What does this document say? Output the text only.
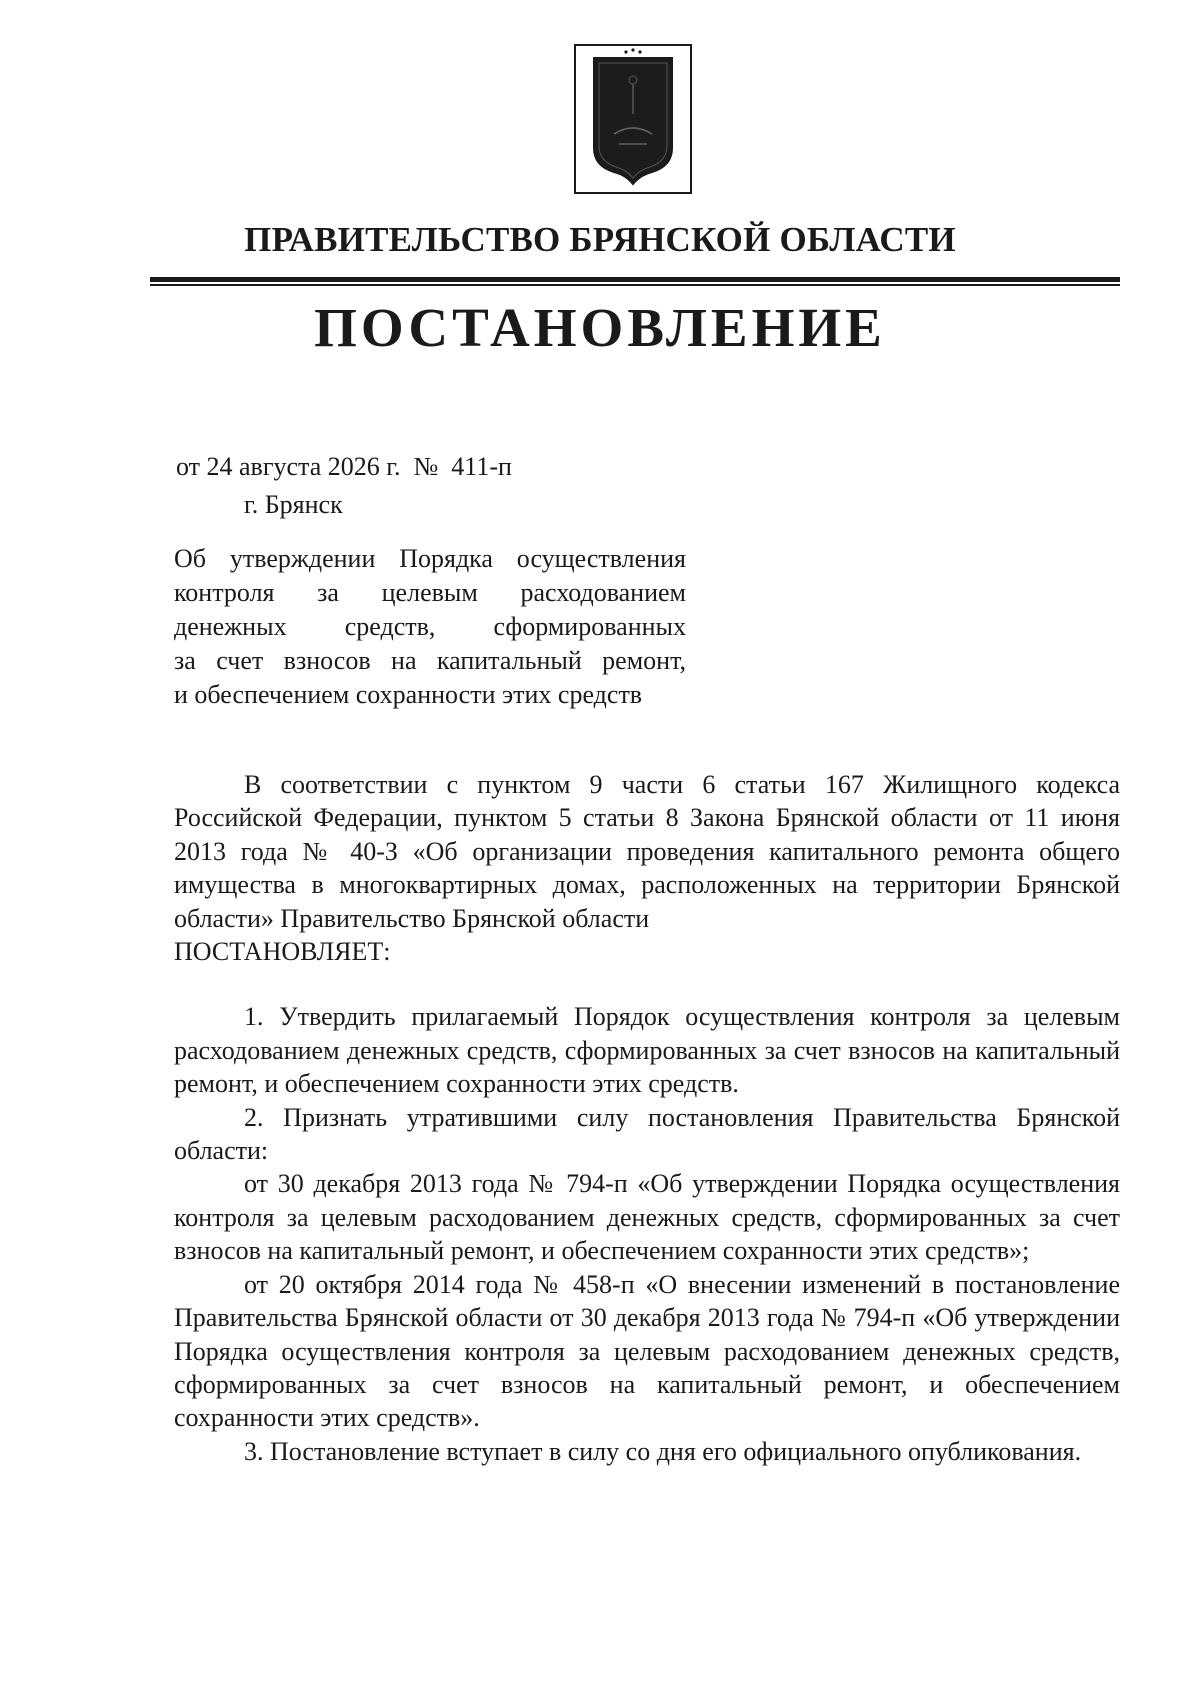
ПРАВИТЕЛЬСТВО БРЯНСКОЙ ОБЛАСТИ
ПОСТАНОВЛЕНИЕ
от 24 августа 2026 г.  №  411-п
г. Брянск
Об утверждении Порядка осуществления
контроля за целевым расходованием
денежных средств, сформированных
за счет взносов на капитальный ремонт,
и обеспечением сохранности этих средств

В соответствии с пунктом 9 части 6 статьи 167 Жилищного кодекса Российской Федерации, пунктом 5 статьи 8 Закона Брянской области от 11 июня 2013 года № 40-З «Об организации проведения капитального ремонта общего имущества в многоквартирных домах, расположенных на территории Брянской области» Правительство Брянской области

ПОСТАНОВЛЯЕТ:

1. Утвердить прилагаемый Порядок осуществления контроля за целевым расходованием денежных средств, сформированных за счет взносов на капитальный ремонт, и обеспечением сохранности этих средств.

2. Признать утратившими силу постановления Правительства Брянской области:

от 30 декабря 2013 года № 794-п «Об утверждении Порядка осуществления контроля за целевым расходованием денежных средств, сформированных за счет взносов на капитальный ремонт, и обеспечением сохранности этих средств»;

от 20 октября 2014 года № 458-п «О внесении изменений в постановление Правительства Брянской области от 30 декабря 2013 года № 794-п «Об утверждении Порядка осуществления контроля за целевым расходованием денежных средств, сформированных за счет взносов на капитальный ремонт, и обеспечением сохранности этих средств».

3. Постановление вступает в силу со дня его официального опубликования.
